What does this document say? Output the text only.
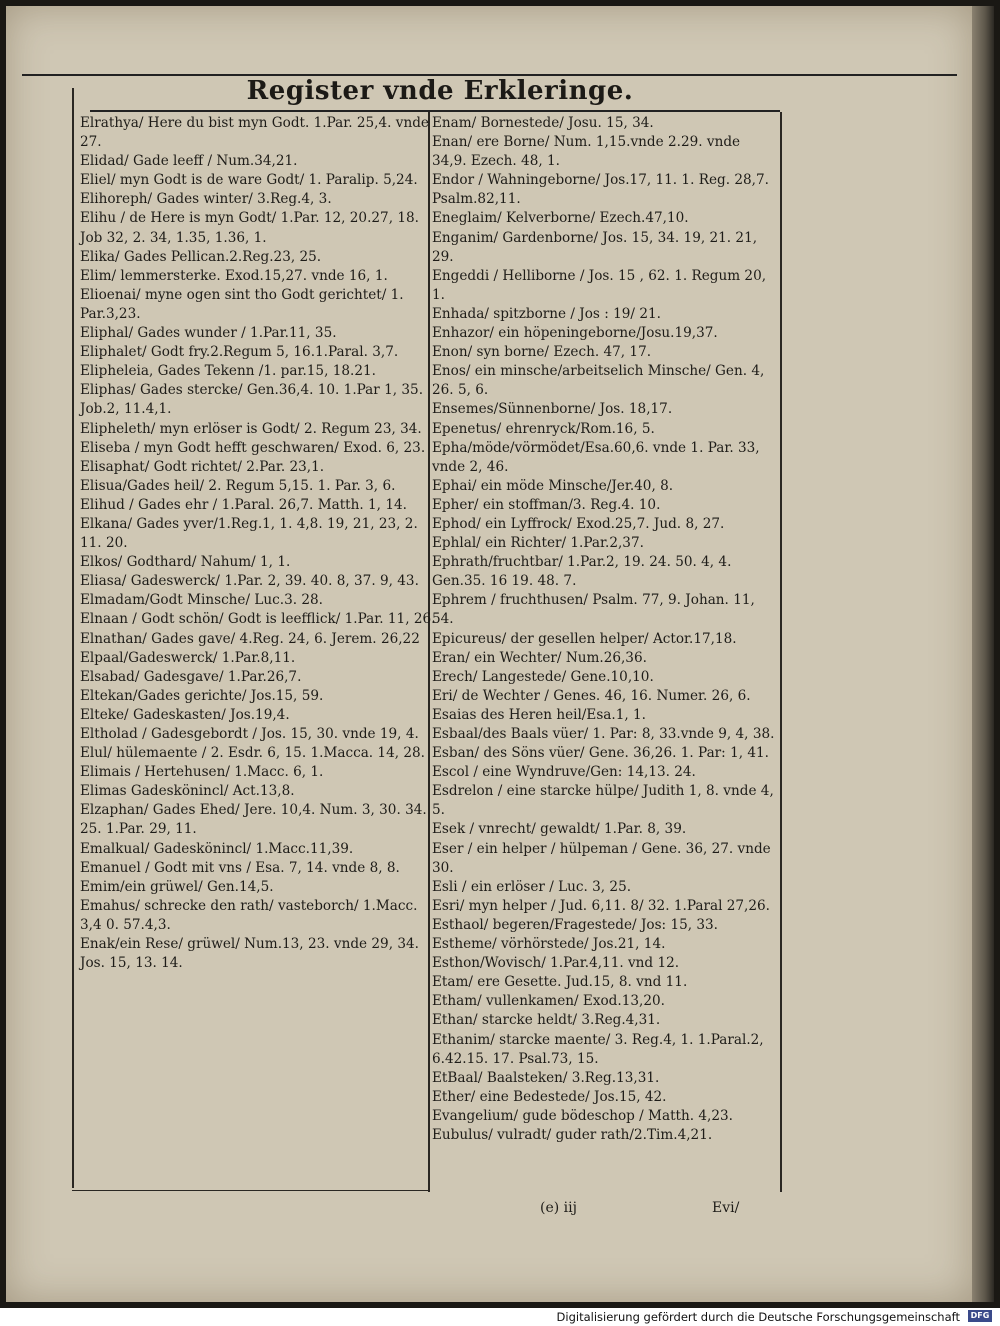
Register vnde Erkleringe.

Elrathya/ Here du bist myn Godt. 1.Par. 25,4. vnde 27.

Elidad/ Gade leeff / Num.34,21.

Eliel/ myn Godt is de ware Godt/ 1. Paralip. 5,24.

Elihoreph/ Gades winter/ 3.Reg.4, 3.

Elihu / de Here is myn Godt/ 1.Par. 12, 20.27, 18. Job 32, 2. 34, 1.35, 1.36, 1.

Elika/ Gades Pellican.2.Reg.23, 25.

Elim/ lemmersterke. Exod.15,27. vnde 16, 1.

Elioenai/ myne ogen sint tho Godt gerichtet/ 1. Par.3,23.

Eliphal/ Gades wunder / 1.Par.11, 35.

Eliphalet/ Godt fry.2.Regum 5, 16.1.Paral. 3,7.

Elipheleia, Gades Tekenn /1. par.15, 18.21.

Eliphas/ Gades stercke/ Gen.36,4. 10. 1.Par 1, 35. Job.2, 11.4,1.

Elipheleth/ myn erlöser is Godt/ 2. Regum 23, 34.

Eliseba / myn Godt hefft geschwaren/ Exod. 6, 23.

Elisaphat/ Godt richtet/ 2.Par. 23,1.

Elisua/Gades heil/ 2. Regum 5,15. 1. Par. 3, 6.

Elihud / Gades ehr / 1.Paral. 26,7. Matth. 1, 14.

Elkana/ Gades yver/1.Reg.1, 1. 4,8. 19, 21, 23, 2. 11. 20.

Elkos/ Godthard/ Nahum/ 1, 1.

Eliasa/ Gadeswerck/ 1.Par. 2, 39. 40. 8, 37. 9, 43.

Elmadam/Godt Minsche/ Luc.3. 28.

Elnaan / Godt schön/ Godt is leefflick/ 1.Par. 11, 26.

Elnathan/ Gades gave/ 4.Reg. 24, 6. Jerem. 26,22

Elpaal/Gadeswerck/ 1.Par.8,11.

Elsabad/ Gadesgave/ 1.Par.26,7.

Eltekan/Gades gerichte/ Jos.15, 59.

Elteke/ Gadeskasten/ Jos.19,4.

Eltholad / Gadesgebordt / Jos. 15, 30. vnde 19, 4.

Elul/ hülemaente / 2. Esdr. 6, 15. 1.Macca. 14, 28.

Elimais / Hertehusen/ 1.Macc. 6, 1.

Elimas Gadeskönincl/ Act.13,8.

Elzaphan/ Gades Ehed/ Jere. 10,4. Num. 3, 30. 34. 25. 1.Par. 29, 11.

Emalkual/ Gadeskönincl/ 1.Macc.11,39.

Emanuel / Godt mit vns / Esa. 7, 14. vnde 8, 8.

Emim/ein grüwel/ Gen.14,5.

Emahus/ schrecke den rath/ vasteborch/ 1.Macc. 3,4 0. 57.4,3.

Enak/ein Rese/ grüwel/ Num.13, 23. vnde 29, 34. Jos. 15, 13. 14.

Enam/ Bornestede/ Josu. 15, 34.

Enan/ ere Borne/ Num. 1,15.vnde 2.29. vnde 34,9. Ezech. 48, 1.

Endor / Wahningeborne/ Jos.17, 11. 1. Reg. 28,7. Psalm.82,11.

Eneglaim/ Kelverborne/ Ezech.47,10.

Enganim/ Gardenborne/ Jos. 15, 34. 19, 21. 21, 29.

Engeddi / Helliborne / Jos. 15 , 62. 1. Regum 20, 1.

Enhada/ spitzborne / Jos : 19/ 21.

Enhazor/ ein höpeningeborne/Josu.19,37.

Enon/ syn borne/ Ezech. 47, 17.

Enos/ ein minsche/arbeitselich Minsche/ Gen. 4, 26. 5, 6.

Ensemes/Sünnenborne/ Jos. 18,17.

Epenetus/ ehrenryck/Rom.16, 5.

Epha/möde/vörmödet/Esa.60,6. vnde 1. Par. 33, vnde 2, 46.

Ephai/ ein möde Minsche/Jer.40, 8.

Epher/ ein stoffman/3. Reg.4. 10.

Ephod/ ein Lyffrock/ Exod.25,7. Jud. 8, 27.

Ephlal/ ein Richter/ 1.Par.2,37.

Ephrath/fruchtbar/ 1.Par.2, 19. 24. 50. 4, 4. Gen.35. 16 19. 48. 7.

Ephrem / fruchthusen/ Psalm. 77, 9. Johan. 11, 54.

Epicureus/ der gesellen helper/ Actor.17,18.

Eran/ ein Wechter/ Num.26,36.

Erech/ Langestede/ Gene.10,10.

Eri/ de Wechter / Genes. 46, 16. Numer. 26, 6.

Esaias des Heren heil/Esa.1, 1.

Esbaal/des Baals vüer/ 1. Par: 8, 33.vnde 9, 4, 38.

Esban/ des Söns vüer/ Gene. 36,26. 1. Par: 1, 41.

Escol / eine Wyndruve/Gen: 14,13. 24.

Esdrelon / eine starcke hülpe/ Judith 1, 8. vnde 4, 5.

Esek / vnrecht/ gewaldt/ 1.Par. 8, 39.

Eser / ein helper / hülpeman / Gene. 36, 27. vnde 30.

Esli / ein erlöser / Luc. 3, 25.

Esri/ myn helper / Jud. 6,11. 8/ 32. 1.Paral 27,26.

Esthaol/ begeren/Fragestede/ Jos: 15, 33.

Estheme/ vörhörstede/ Jos.21, 14.

Esthon/Wovisch/ 1.Par.4,11. vnd 12.

Etam/ ere Gesette. Jud.15, 8. vnd 11.

Etham/ vullenkamen/ Exod.13,20.

Ethan/ starcke heldt/ 3.Reg.4,31.

Ethanim/ starcke maente/ 3. Reg.4, 1. 1.Paral.2, 6.42.15. 17. Psal.73, 15.

EtBaal/ Baalsteken/ 3.Reg.13,31.

Ether/ eine Bedestede/ Jos.15, 42.

Evangelium/ gude bödeschop / Matth. 4,23.

Eubulus/ vulradt/ guder rath/2.Tim.4,21.

(e) iij	Evi/
Digitalisierung gefördert durch die Deutsche Forschungsgemeinschaft	DFG
